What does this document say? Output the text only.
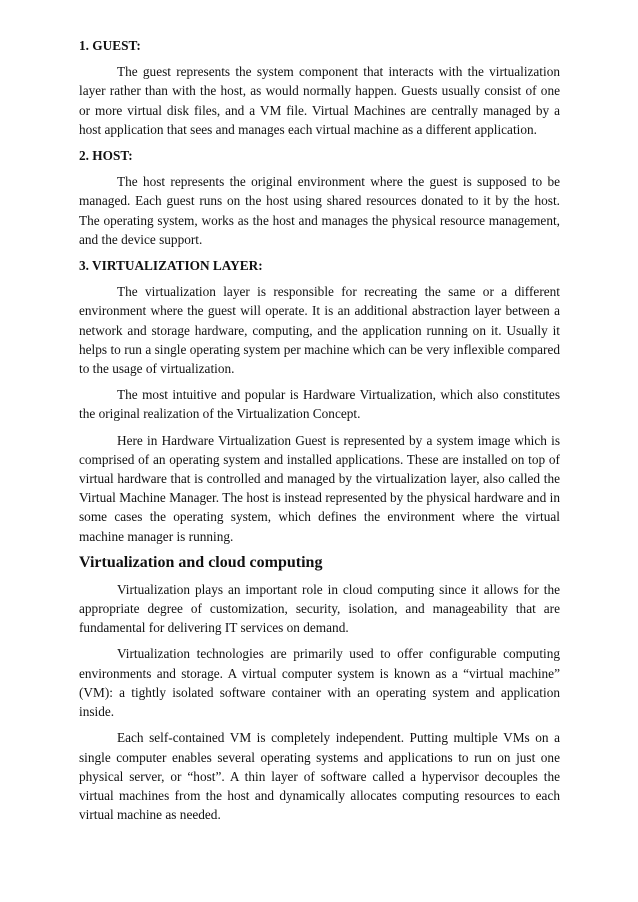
1. GUEST:

The guest represents the system component that interacts with the virtualization layer rather than with the host, as would normally happen. Guests usually consist of one or more virtual disk files, and a VM file. Virtual Machines are centrally managed by a host application that sees and manages each virtual machine as a different application.

2. HOST:

The host represents the original environment where the guest is supposed to be managed. Each guest runs on the host using shared resources donated to it by the host. The operating system, works as the host and manages the physical resource management, and the device support.

3. VIRTUALIZATION LAYER:

The virtualization layer is responsible for recreating the same or a different environment where the guest will operate. It is an additional abstraction layer between a network and storage hardware, computing, and the application running on it. Usually it helps to run a single operating system per machine which can be very inflexible compared to the usage of virtualization.

The most intuitive and popular is Hardware Virtualization, which also constitutes the original realization of the Virtualization Concept.

Here in Hardware Virtualization Guest is represented by a system image which is comprised of an operating system and installed applications. These are installed on top of virtual hardware that is controlled and managed by the virtualization layer, also called the Virtual Machine Manager. The host is instead represented by the physical hardware and in some cases the operating system, which defines the environment where the virtual machine manager is running.

Virtualization and cloud computing

Virtualization plays an important role in cloud computing since it allows for the appropriate degree of customization, security, isolation, and manageability that are fundamental for delivering IT services on demand.

Virtualization technologies are primarily used to offer configurable computing environments and storage. A virtual computer system is known as a “virtual machine” (VM): a tightly isolated software container with an operating system and application inside.

Each self-contained VM is completely independent. Putting multiple VMs on a single computer enables several operating systems and applications to run on just one physical server, or “host”. A thin layer of software called a hypervisor decouples the virtual machines from the host and dynamically allocates computing resources to each virtual machine as needed.
